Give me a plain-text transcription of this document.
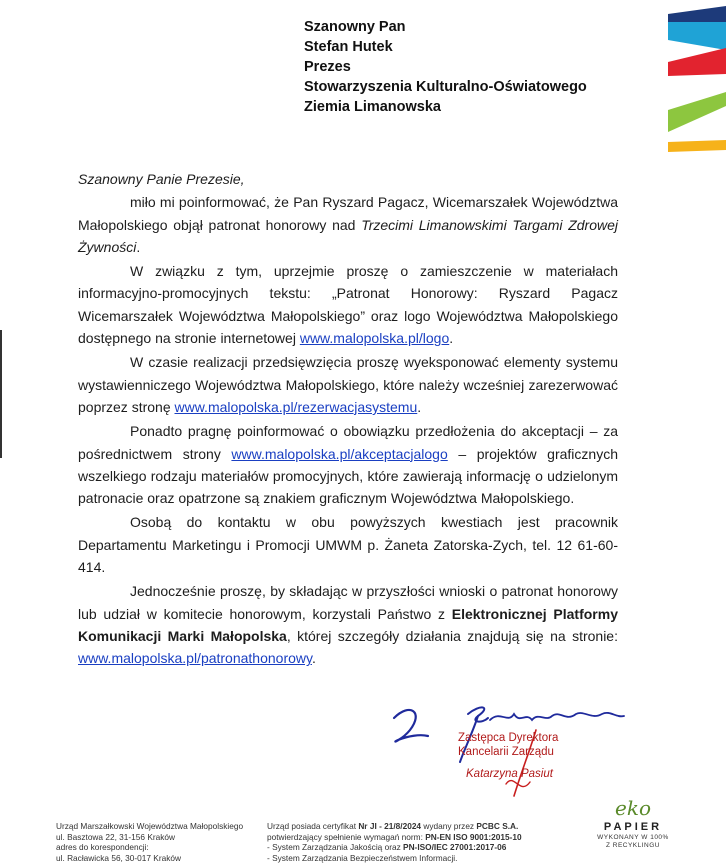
Szanowny Pan
Stefan Hutek
Prezes
Stowarzyszenia Kulturalno-Oświatowego
Ziemia Limanowska
Szanowny Panie Prezesie,

miło mi poinformować, że Pan Ryszard Pagacz, Wicemarszałek Województwa Małopolskiego objął patronat honorowy nad Trzecimi Limanowskimi Targami Zdrowej Żywności.

W związku z tym, uprzejmie proszę o zamieszczenie w materiałach informacyjno-promocyjnych tekstu: „Patronat Honorowy: Ryszard Pagacz Wicemarszałek Województwa Małopolskiego” oraz logo Województwa Małopolskiego dostępnego na stronie internetowej www.malopolska.pl/logo.

W czasie realizacji przedsięwzięcia proszę wyeksponować elementy systemu wystawienniczego Województwa Małopolskiego, które należy wcześniej zarezerwować poprzez stronę www.malopolska.pl/rezerwacjasystemu.

Ponadto pragnę poinformować o obowiązku przedłożenia do akceptacji – za pośrednictwem strony www.malopolska.pl/akceptacjalogo – projektów graficznych wszelkiego rodzaju materiałów promocyjnych, które zawierają informację o udzielonym patronacie oraz opatrzone są znakiem graficznym Województwa Małopolskiego.

Osobą do kontaktu w obu powyższych kwestiach jest pracownik Departamentu Marketingu i Promocji UMWM p. Żaneta Zatorska-Zych, tel. 12 61-60-414.

Jednocześnie proszę, by składając w przyszłości wnioski o patronat honorowy lub udział w komitecie honorowym, korzystali Państwo z Elektronicznej Platformy Komunikacji Marki Małopolska, której szczegóły działania znajdują się na stronie: www.malopolska.pl/patronathonorowy.

Zastępca Dyrektora
Kancelarii Zarządu
Katarzyna Pasiut
Urząd Marszałkowski Województwa Małopolskiego
ul. Basztowa 22, 31-156 Kraków
adres do korespondencji:
ul. Racławicka 56, 30-017 Kraków
Urząd posiada certyfikat Nr JI - 21/8/2024 wydany przez PCBC S.A.
potwierdzający spełnienie wymagań norm: PN-EN ISO 9001:2015-10
- System Zarządzania Jakością oraz PN-ISO/IEC 27001:2017-06
- System Zarządzania Bezpieczeństwem Informacji.
eko
PAPIER
WYKONANY W 100%
Z RECYKLINGU
